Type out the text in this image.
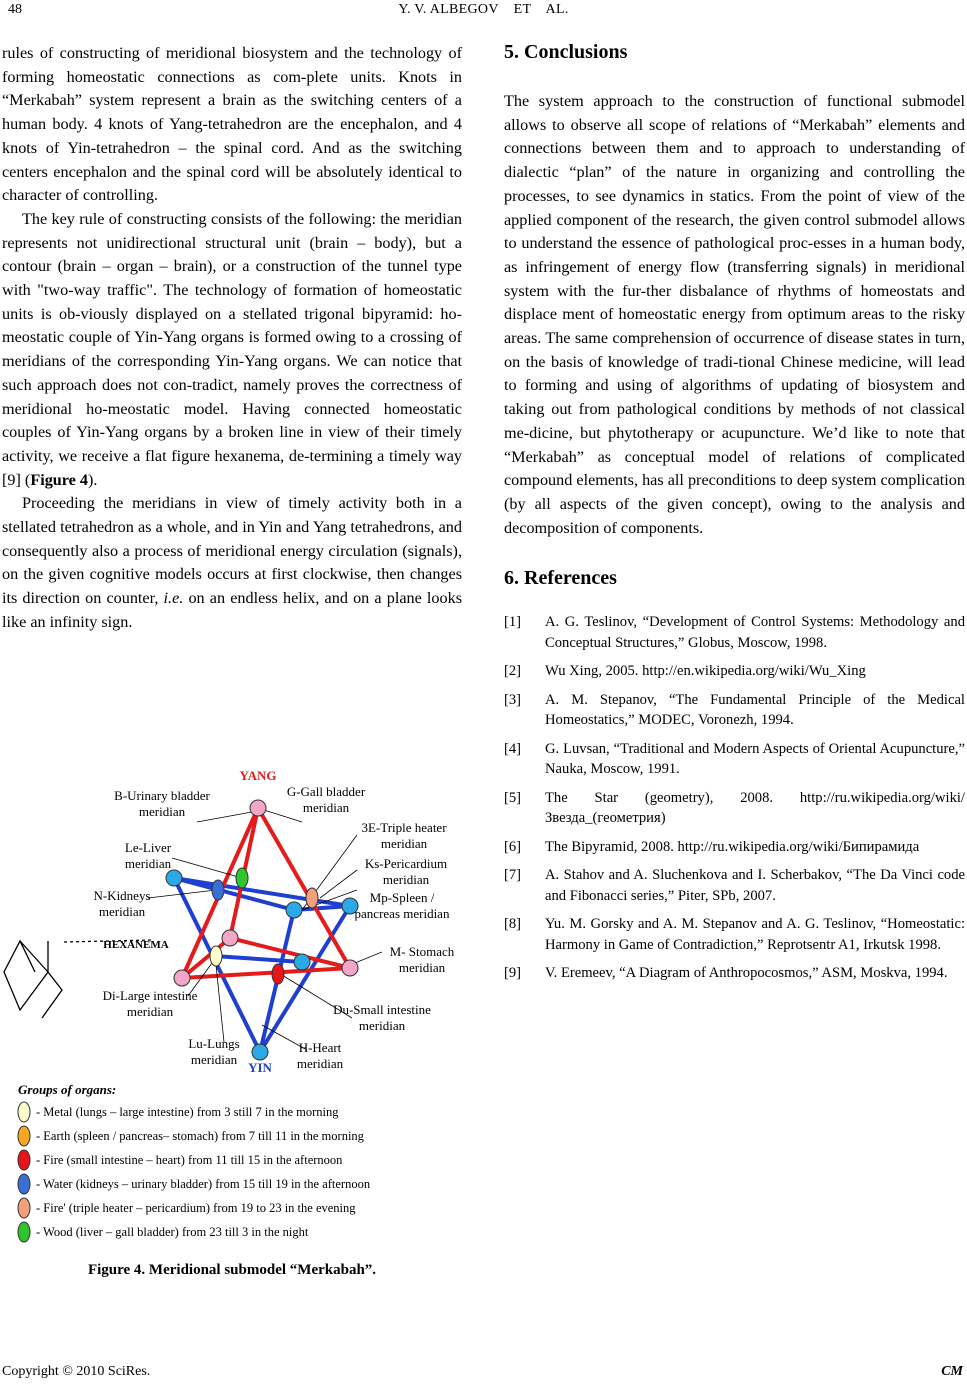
48	Y. V. ALBEGOV    ET    AL.

rules of constructing of meridional biosystem and the technology of forming homeostatic connections as com-plete units. Knots in “Merkabah” system represent a brain as the switching centers of a human body. 4 knots of Yang-tetrahedron are the encephalon, and 4 knots of Yin-tetrahedron – the spinal cord. And as the switching centers encephalon and the spinal cord will be absolutely identical to character of controlling.

The key rule of constructing consists of the following: the meridian represents not unidirectional structural unit (brain – body), but a contour (brain – organ – brain), or a construction of the tunnel type with "two-way traffic". The technology of formation of homeostatic units is ob-viously displayed on a stellated trigonal bipyramid: ho-meostatic couple of Yin-Yang organs is formed owing to a crossing of meridians of the corresponding Yin-Yang organs. We can notice that such approach does not con-tradict, namely proves the correctness of meridional ho-meostatic model. Having connected homeostatic couples of Yin-Yang organs by a broken line in view of their timely activity, we receive a flat figure hexanema, de-termining a timely way [9] (Figure 4).

Proceeding the meridians in view of timely activity both in a stellated tetrahedron as a whole, and in Yin and Yang tetrahedrons, and consequently also a process of meridional energy circulation (signals), on the given cognitive models occurs at first clockwise, then changes its direction on counter, i.e. on an endless helix, and on a plane looks like an infinity sign.

YANG
YIN
HEXANEMA
B-Urinary bladder
meridian
G-Gall bladder
meridian
Le-Liver
meridian
3E-Triple heater
meridian
Ks-Pericardium
meridian
N-Kidneys
meridian
Mp-Spleen /
pancreas meridian
M- Stomach
meridian
Di-Large intestine
meridian	Du-Small intestine
meridian
Lu-Lungs
meridian
H-Heart
meridian
Groups of organs:
- Metal (lungs – large intestine) from 3 still 7 in the morning
- Earth (spleen / pancreas– stomach) from 7 till 11 in the morning
- Fire (small intestine – heart) from 11 till 15 in the afternoon
- Water (kidneys – urinary bladder) from 15 till 19 in the afternoon
- Fire' (triple heater – pericardium) from 19 to 23 in the evening
- Wood (liver – gall bladder) from 23 till 3 in the night
Figure 4. Meridional submodel “Merkabah”.
5. Conclusions

The system approach to the construction of functional submodel allows to observe all scope of relations of “Merkabah” elements and connections between them and to approach to understanding of dialectic “plan” of the nature in organizing and controlling the processes, to see dynamics in statics. From the point of view of the applied component of the research, the given control submodel allows to understand the essence of pathological proc-esses in a human body, as infringement of energy flow (transferring signals) in meridional system with the fur-ther disbalance of rhythms of homeostats and displace ment of homeostatic energy from optimum areas to the risky areas. The same comprehension of occurrence of disease states in turn, on the basis of knowledge of tradi-tional Chinese medicine, will lead to forming and using of algorithms of updating of biosystem and taking out from pathological conditions by methods of not classical me-dicine, but phytotherapy or acupuncture. We’d like to note that “Merkabah” as conceptual model of relations of complicated compound elements, has all preconditions to deep system complication (by all aspects of the given concept), owing to the analysis and decomposition of components.

6. References
[1]	A. G. Teslinov, “Development of Control Systems: Methodology and Conceptual Structures,” Globus, Moscow, 1998.
[2]	Wu Xing, 2005. http://en.wikipedia.org/wiki/Wu_Xing
[3]	A. M. Stepanov, “The Fundamental Principle of the Medical Homeostatics,” MODEC, Voronezh, 1994.
[4]	G. Luvsan, “Traditional and Modern Aspects of Oriental Acupuncture,” Nauka, Moscow, 1991.
[5]	The Star (geometry), 2008. http://ru.wikipedia.org/wiki/ Звезда_(геометрия)
[6]	The Bipyramid, 2008. http://ru.wikipedia.org/wiki/Бипирамида
[7]	A. Stahov and A. Sluchenkova and I. Scherbakov, “The Da Vinci code and Fibonacci series,” Piter, SPb, 2007.
[8]	Yu. M. Gorsky and A. M. Stepanov and A. G. Teslinov, “Homeostatic: Harmony in Game of Contradiction,” Reprotsentr A1, Irkutsk 1998.
[9]	V. Eremeev, “A Diagram of Anthropocosmos,” ASM, Moskva, 1994.
Copyright © 2010 SciRes.	CM
